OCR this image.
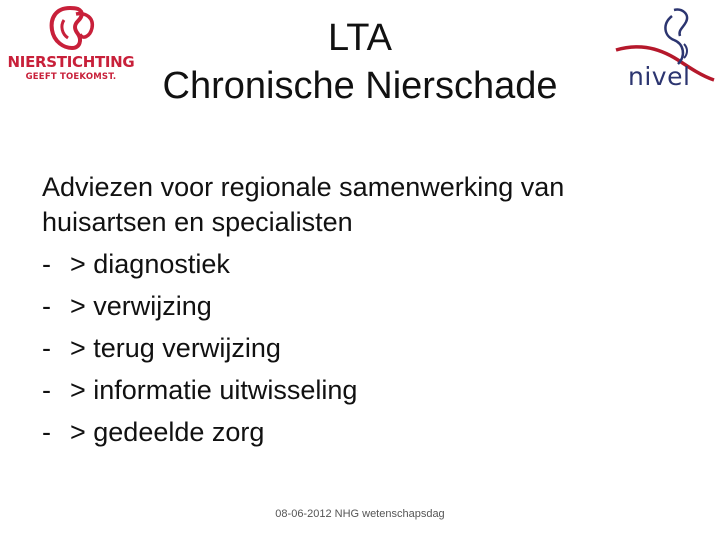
NIERSTICHTING
GEEFT TOEKOMST.
LTA
Chronische Nierschade	nivel
Adviezen voor regionale samenwerking van huisartsen en specialisten
- > diagnostiek
- > verwijzing
- > terug verwijzing
- > informatie uitwisseling
- > gedeelde zorg
08-06-2012 NHG wetenschapsdag
